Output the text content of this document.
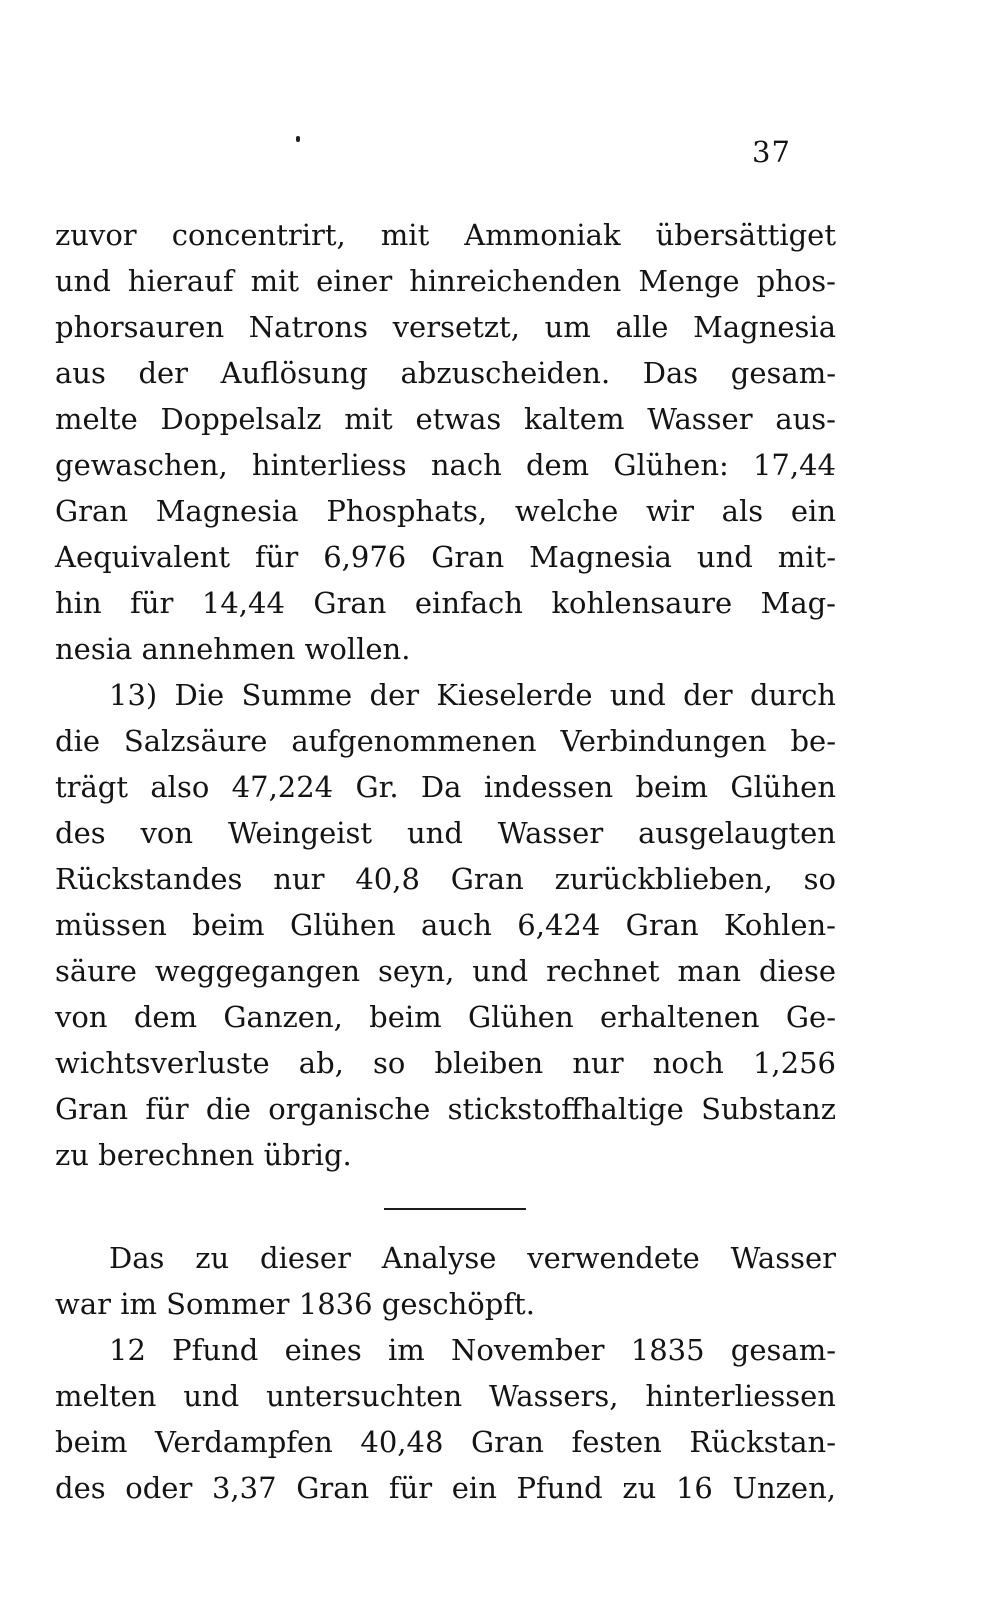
37
zuvor concentrirt, mit Ammoniak übersättiget
und hierauf mit einer hinreichenden Menge phos-
phorsauren Natrons versetzt, um alle Magnesia
aus der Auflösung abzuscheiden. Das gesam-
melte Doppelsalz mit etwas kaltem Wasser aus-
gewaschen, hinterliess nach dem Glühen: 17,44
Gran Magnesia Phosphats, welche wir als ein
Aequivalent für 6,976 Gran Magnesia und mit-
hin für 14,44 Gran einfach kohlensaure Mag-
nesia annehmen wollen.
13) Die Summe der Kieselerde und der durch
die Salzsäure aufgenommenen Verbindungen be-
trägt also 47,224 Gr. Da indessen beim Glühen
des von Weingeist und Wasser ausgelaugten
Rückstandes nur 40,8 Gran zurückblieben, so
müssen beim Glühen auch 6,424 Gran Kohlen-
säure weggegangen seyn, und rechnet man diese
von dem Ganzen, beim Glühen erhaltenen Ge-
wichtsverluste ab, so bleiben nur noch 1,256
Gran für die organische stickstoffhaltige Substanz
zu berechnen übrig.
Das zu dieser Analyse verwendete Wasser
war im Sommer 1836 geschöpft.
12 Pfund eines im November 1835 gesam-
melten und untersuchten Wassers, hinterliessen
beim Verdampfen 40,48 Gran festen Rückstan-
des oder 3,37 Gran für ein Pfund zu 16 Unzen,
